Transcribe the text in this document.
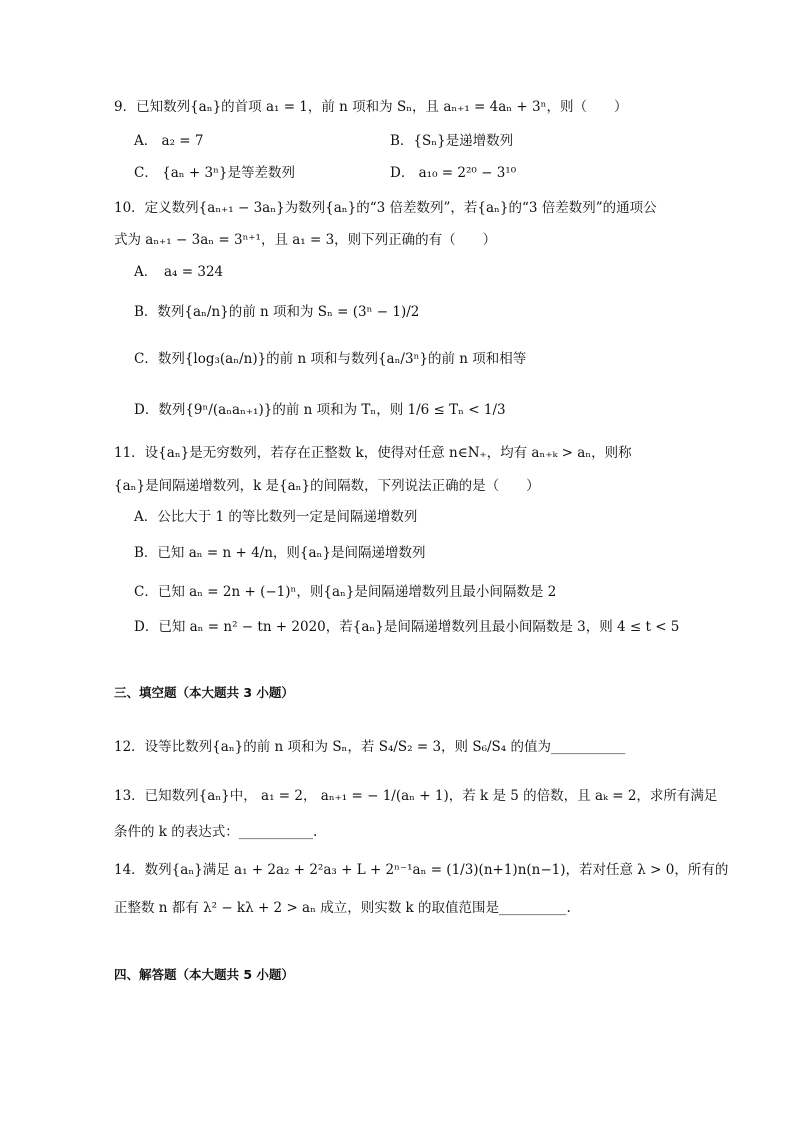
9．已知数列{aₙ}的首项 a₁ = 1，前 n 项和为 Sₙ，且 aₙ₊₁ = 4aₙ + 3ⁿ，则（　　）
A． a₂ = 7	B．{Sₙ}是递增数列
C． {aₙ + 3ⁿ}是等差数列	D． a₁₀ = 2²⁰ − 3¹⁰
10．定义数列{aₙ₊₁ − 3aₙ}为数列{aₙ}的“3 倍差数列”，若{aₙ}的“3 倍差数列”的通项公
式为 aₙ₊₁ − 3aₙ = 3ⁿ⁺¹，且 a₁ = 3，则下列正确的有（　　）
A．　a₄ = 324
B．数列{aₙ/n}的前 n 项和为 Sₙ = (3ⁿ − 1)/2
C．数列{log₃(aₙ/n)}的前 n 项和与数列{aₙ/3ⁿ}的前 n 项和相等
D．数列{9ⁿ/(aₙaₙ₊₁)}的前 n 项和为 Tₙ，则 1/6 ≤ Tₙ < 1/3
11．设{aₙ}是无穷数列，若存在正整数 k，使得对任意 n∈N₊，均有 aₙ₊ₖ > aₙ，则称
{aₙ}是间隔递增数列，k 是{aₙ}的间隔数，下列说法正确的是（　　）
A．公比大于 1 的等比数列一定是间隔递增数列
B．已知 aₙ = n + 4/n，则{aₙ}是间隔递增数列
C．已知 aₙ = 2n + (−1)ⁿ，则{aₙ}是间隔递增数列且最小间隔数是 2
D．已知 aₙ = n² − tn + 2020，若{aₙ}是间隔递增数列且最小间隔数是 3，则 4 ≤ t < 5
三、填空题（本大题共 3 小题）
12．设等比数列{aₙ}的前 n 项和为 Sₙ，若 S₄/S₂ = 3，则 S₆/S₄ 的值为___________
13．已知数列{aₙ}中， a₁ = 2， aₙ₊₁ = − 1/(aₙ + 1)，若 k 是 5 的倍数，且 aₖ = 2，求所有满足
条件的 k 的表达式：___________.
14．数列{aₙ}满足 a₁ + 2a₂ + 2²a₃ + L + 2ⁿ⁻¹aₙ = (1/3)(n+1)n(n−1)，若对任意 λ > 0，所有的
正整数 n 都有 λ² − kλ + 2 > aₙ 成立，则实数 k 的取值范围是__________.
四、解答题（本大题共 5 小题）
